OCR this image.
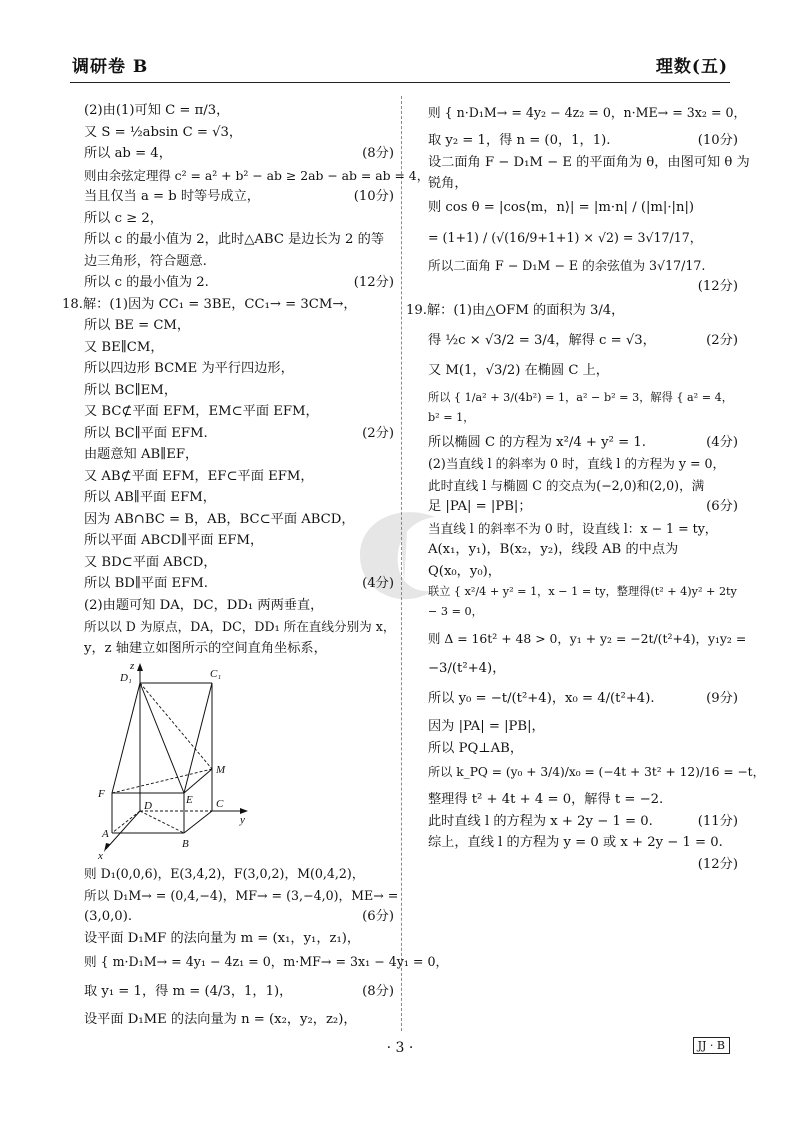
调研卷 B	理数(五)
(2)由(1)可知 C = π/3，
又 S = ½absin C = √3，
所以 ab = 4，	(8分)
则由余弦定理得 c² = a² + b² − ab ≥ 2ab − ab = ab = 4，
当且仅当 a = b 时等号成立，	(10分)
所以 c ≥ 2，
所以 c 的最小值为 2，此时△ABC 是边长为 2 的等
边三角形，符合题意.
所以 c 的最小值为 2.	(12分)
18.解：(1)因为 CC₁ = 3BE，CC₁→ = 3CM→，
所以 BE = CM，
又 BE∥CM，
所以四边形 BCME 为平行四边形，
所以 BC∥EM，
又 BC⊄平面 EFM，EM⊂平面 EFM，
所以 BC∥平面 EFM.	(2分)
由题意知 AB∥EF，
又 AB⊄平面 EFM，EF⊂平面 EFM，
所以 AB∥平面 EFM，
因为 AB∩BC = B，AB，BC⊂平面 ABCD，
所以平面 ABCD∥平面 EFM，
又 BD⊂平面 ABCD，
所以 BD∥平面 EFM.	(4分)
(2)由题可知 DA，DC，DD₁ 两两垂直，
所以以 D 为原点，DA，DC，DD₁ 所在直线分别为 x，
y，z 轴建立如图所示的空间直角坐标系，
z
D₁	C₁
M
F	E
D	C
y
A
B
x
则 D₁(0,0,6)，E(3,4,2)，F(3,0,2)，M(0,4,2)，
所以 D₁M→ = (0,4,−4)，MF→ = (3,−4,0)，ME→ =
(3,0,0).	(6分)
设平面 D₁MF 的法向量为 m = (x₁，y₁，z₁)，
则 { m·D₁M→ = 4y₁ − 4z₁ = 0，m·MF→ = 3x₁ − 4y₁ = 0，
取 y₁ = 1，得 m = (4/3，1，1)，	(8分)
设平面 D₁ME 的法向量为 n = (x₂，y₂，z₂)，
则 { n·D₁M→ = 4y₂ − 4z₂ = 0，n·ME→ = 3x₂ = 0，
取 y₂ = 1，得 n = (0，1，1).	(10分)
设二面角 F − D₁M − E 的平面角为 θ，由图可知 θ 为
锐角，
则 cos θ = |cos⟨m，n⟩| = |m·n| / (|m|·|n|)
= (1+1) / (√(16/9+1+1) × √2) = 3√17/17，
所以二面角 F − D₁M − E 的余弦值为 3√17/17.
(12分)
19.解：(1)由△OFM 的面积为 3/4，
得 ½c × √3/2 = 3/4，解得 c = √3，	(2分)
又 M(1，√3/2) 在椭圆 C 上，
所以 { 1/a² + 3/(4b²) = 1，a² − b² = 3，解得 { a² = 4，b² = 1，
所以椭圆 C 的方程为 x²/4 + y² = 1.	(4分)
(2)当直线 l 的斜率为 0 时，直线 l 的方程为 y = 0，
此时直线 l 与椭圆 C 的交点为(−2,0)和(2,0)，满
足 |PA| = |PB|；	(6分)
当直线 l 的斜率不为 0 时，设直线 l：x − 1 = ty，
A(x₁，y₁)，B(x₂，y₂)，线段 AB 的中点为
Q(x₀，y₀)，
联立 { x²/4 + y² = 1，x − 1 = ty，整理得(t² + 4)y² + 2ty − 3 = 0，
则 Δ = 16t² + 48 > 0，y₁ + y₂ = −2t/(t²+4)，y₁y₂ =
−3/(t²+4)，
所以 y₀ = −t/(t²+4)，x₀ = 4/(t²+4).	(9分)
因为 |PA| = |PB|，
所以 PQ⊥AB，
所以 k_PQ = (y₀ + 3/4)/x₀ = (−4t + 3t² + 12)/16 = −t，
整理得 t² + 4t + 4 = 0，解得 t = −2.
此时直线 l 的方程为 x + 2y − 1 = 0.	(11分)
综上，直线 l 的方程为 y = 0 或 x + 2y − 1 = 0.
(12分)
· 3 ·	JJ · B
